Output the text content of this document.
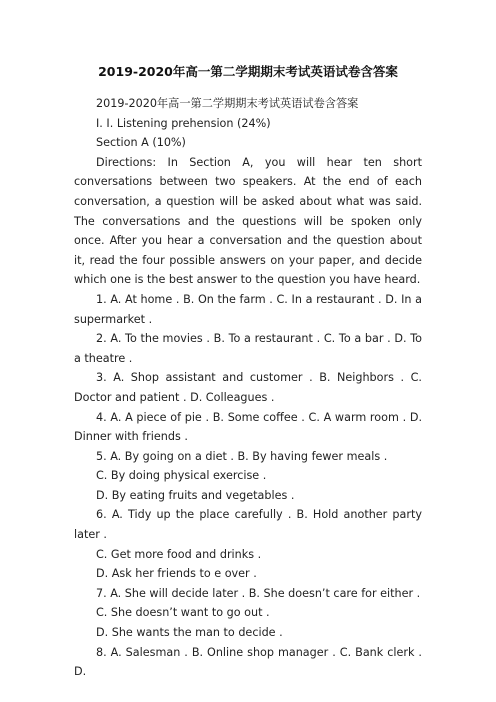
2019-2020年高一第二学期期末考试英语试卷含答案

2019-2020年高一第二学期期末考试英语试卷含答案

I. I. Listening prehension (24%)

Section A (10%)

Directions: In Section A, you will hear ten short conversations between two speakers. At the end of each conversation, a question will be asked about what was said. The conversations and the questions will be spoken only once. After you hear a conversation and the question about it, read the four possible answers on your paper, and decide which one is the best answer to the question you have heard.

1. A. At home . B. On the farm . C. In a restaurant . D. In a supermarket .

2. A. To the movies . B. To a restaurant . C. To a bar . D. To a theatre .

3. A. Shop assistant and customer . B. Neighbors . C. Doctor and patient . D. Colleagues .

4. A. A piece of pie . B. Some coffee . C. A warm room . D. Dinner with friends .

5. A. By going on a diet . B. By having fewer meals .

C. By doing physical exercise .

D. By eating fruits and vegetables .

6. A. Tidy up the place carefully . B. Hold another party later .

C. Get more food and drinks .

D. Ask her friends to e over .

7. A. She will decide later . B. She doesn’t care for either .

C. She doesn’t want to go out .

D. She wants the man to decide .

8. A. Salesman . B. Online shop manager . C. Bank clerk . D.
